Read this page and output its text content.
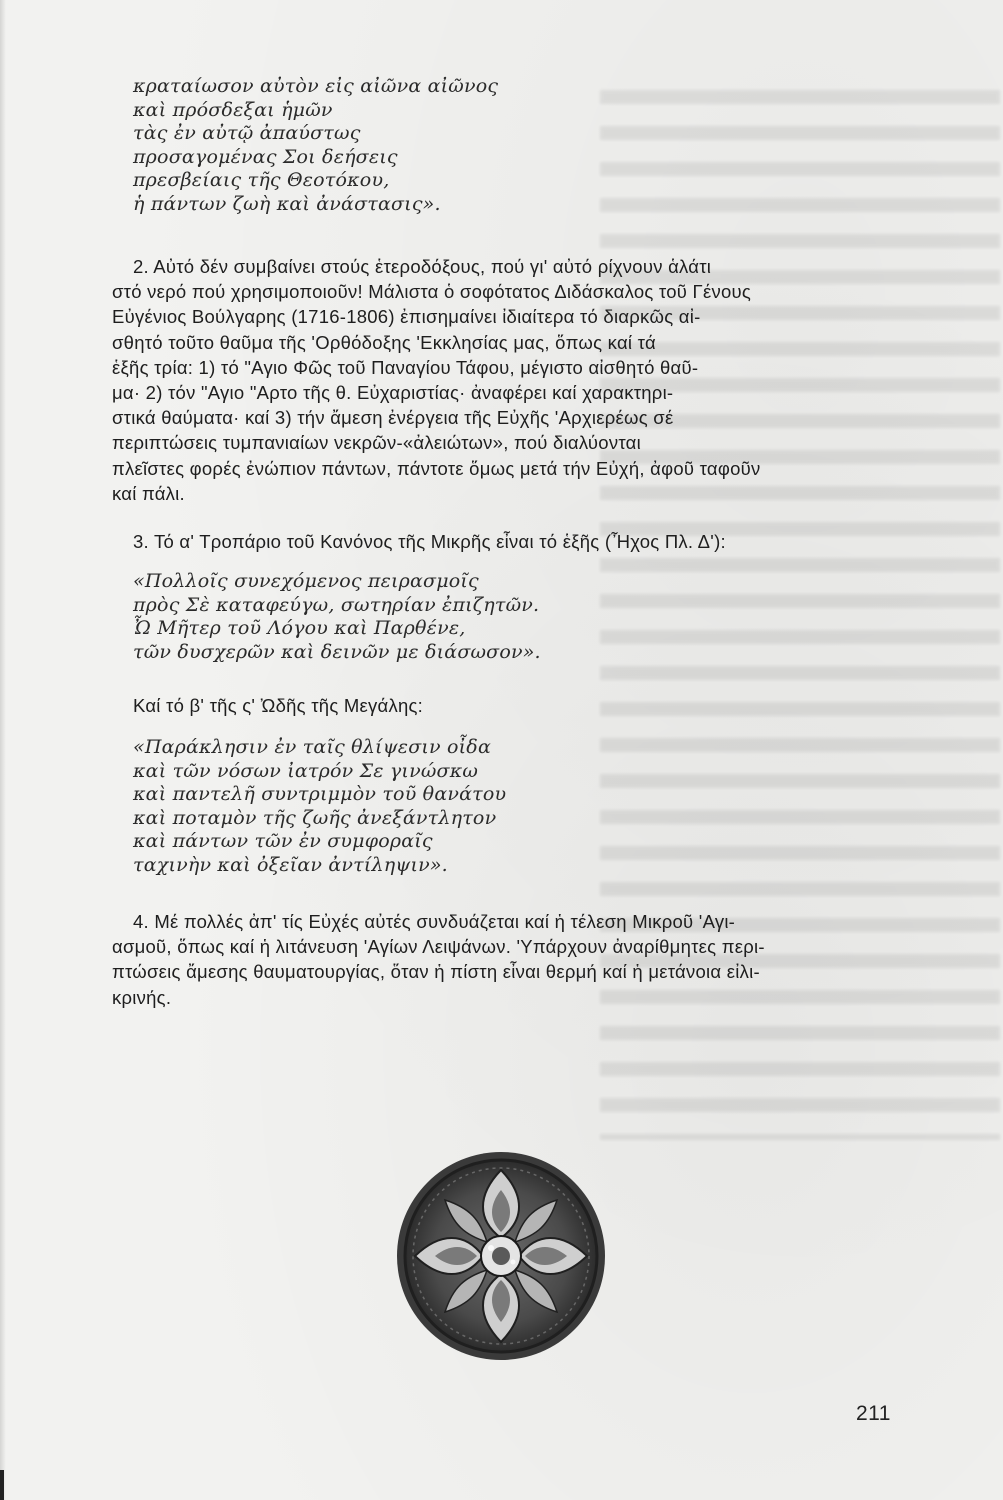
κραταίωσον αὐτὸν εἰς αἰῶνα αἰῶνος
καὶ πρόσδεξαι ἡμῶν
τὰς ἐν αὐτῷ ἀπαύστως
προσαγομένας Σοι δεήσεις
πρεσβείαις τῆς Θεοτόκου,
ἡ πάντων ζωὴ καὶ ἀνάστασις».
2. Αὐτό δέν συμβαίνει στούς ἑτεροδόξους, πού γι' αὐτό ρίχνουν ἁλάτι
στό νερό πού χρησιμοποιοῦν! Μάλιστα ὁ σοφότατος Διδάσκαλος τοῦ Γένους
Εὐγένιος Βούλγαρης (1716-1806) ἐπισημαίνει ἰδιαίτερα τό διαρκῶς αἰ-
σθητό τοῦτο θαῦμα τῆς 'Ορθόδοξης 'Εκκλησίας μας, ὅπως καί τά
ἑξῆς τρία: 1) τό "Αγιο Φῶς τοῦ Παναγίου Τάφου, μέγιστο αἰσθητό θαῦ-
μα· 2) τόν "Αγιο "Αρτο τῆς θ. Εὐχαριστίας· ἀναφέρει καί χαρακτηρι-
στικά θαύματα· καί 3) τήν ἄμεση ἐνέργεια τῆς Εὐχῆς 'Αρχιερέως σέ
περιπτώσεις τυμπανιαίων νεκρῶν-«ἀλειώτων», πού διαλύονται
πλεῖστες φορές ἐνώπιον πάντων, πάντοτε ὅμως μετά τήν Εὐχή, ἀφοῦ ταφοῦν
καί πάλι.
3. Τό α' Τροπάριο τοῦ Κανόνος τῆς Μικρῆς εἶναι τό ἑξῆς (Ἦχος Πλ. Δ'):
«Πολλοῖς συνεχόμενος πειρασμοῖς
πρὸς Σὲ καταφεύγω, σωτηρίαν ἐπιζητῶν.
Ὦ Μῆτερ τοῦ Λόγου καὶ Παρθένε,
τῶν δυσχερῶν καὶ δεινῶν με διάσωσον».
Καί τό β' τῆς ς' Ὠδῆς τῆς Μεγάλης:
«Παράκλησιν ἐν ταῖς θλίψεσιν οἶδα
καὶ τῶν νόσων ἰατρόν Σε γινώσκω
καὶ παντελῆ συντριμμὸν τοῦ θανάτου
καὶ ποταμὸν τῆς ζωῆς ἀνεξάντλητον
καὶ πάντων τῶν ἐν συμφοραῖς
ταχινὴν καὶ ὀξεῖαν ἀντίληψιν».
4. Μέ πολλές ἀπ' τίς Εὐχές αὐτές συνδυάζεται καί ἡ τέλεση Μικροῦ 'Αγι-
ασμοῦ, ὅπως καί ἡ λιτάνευση 'Αγίων Λειψάνων. 'Υπάρχουν ἀναρίθμητες περι-
πτώσεις ἄμεσης θαυματουργίας, ὅταν ἡ πίστη εἶναι θερμή καί ἡ μετάνοια εἰλι-
κρινής.
211
